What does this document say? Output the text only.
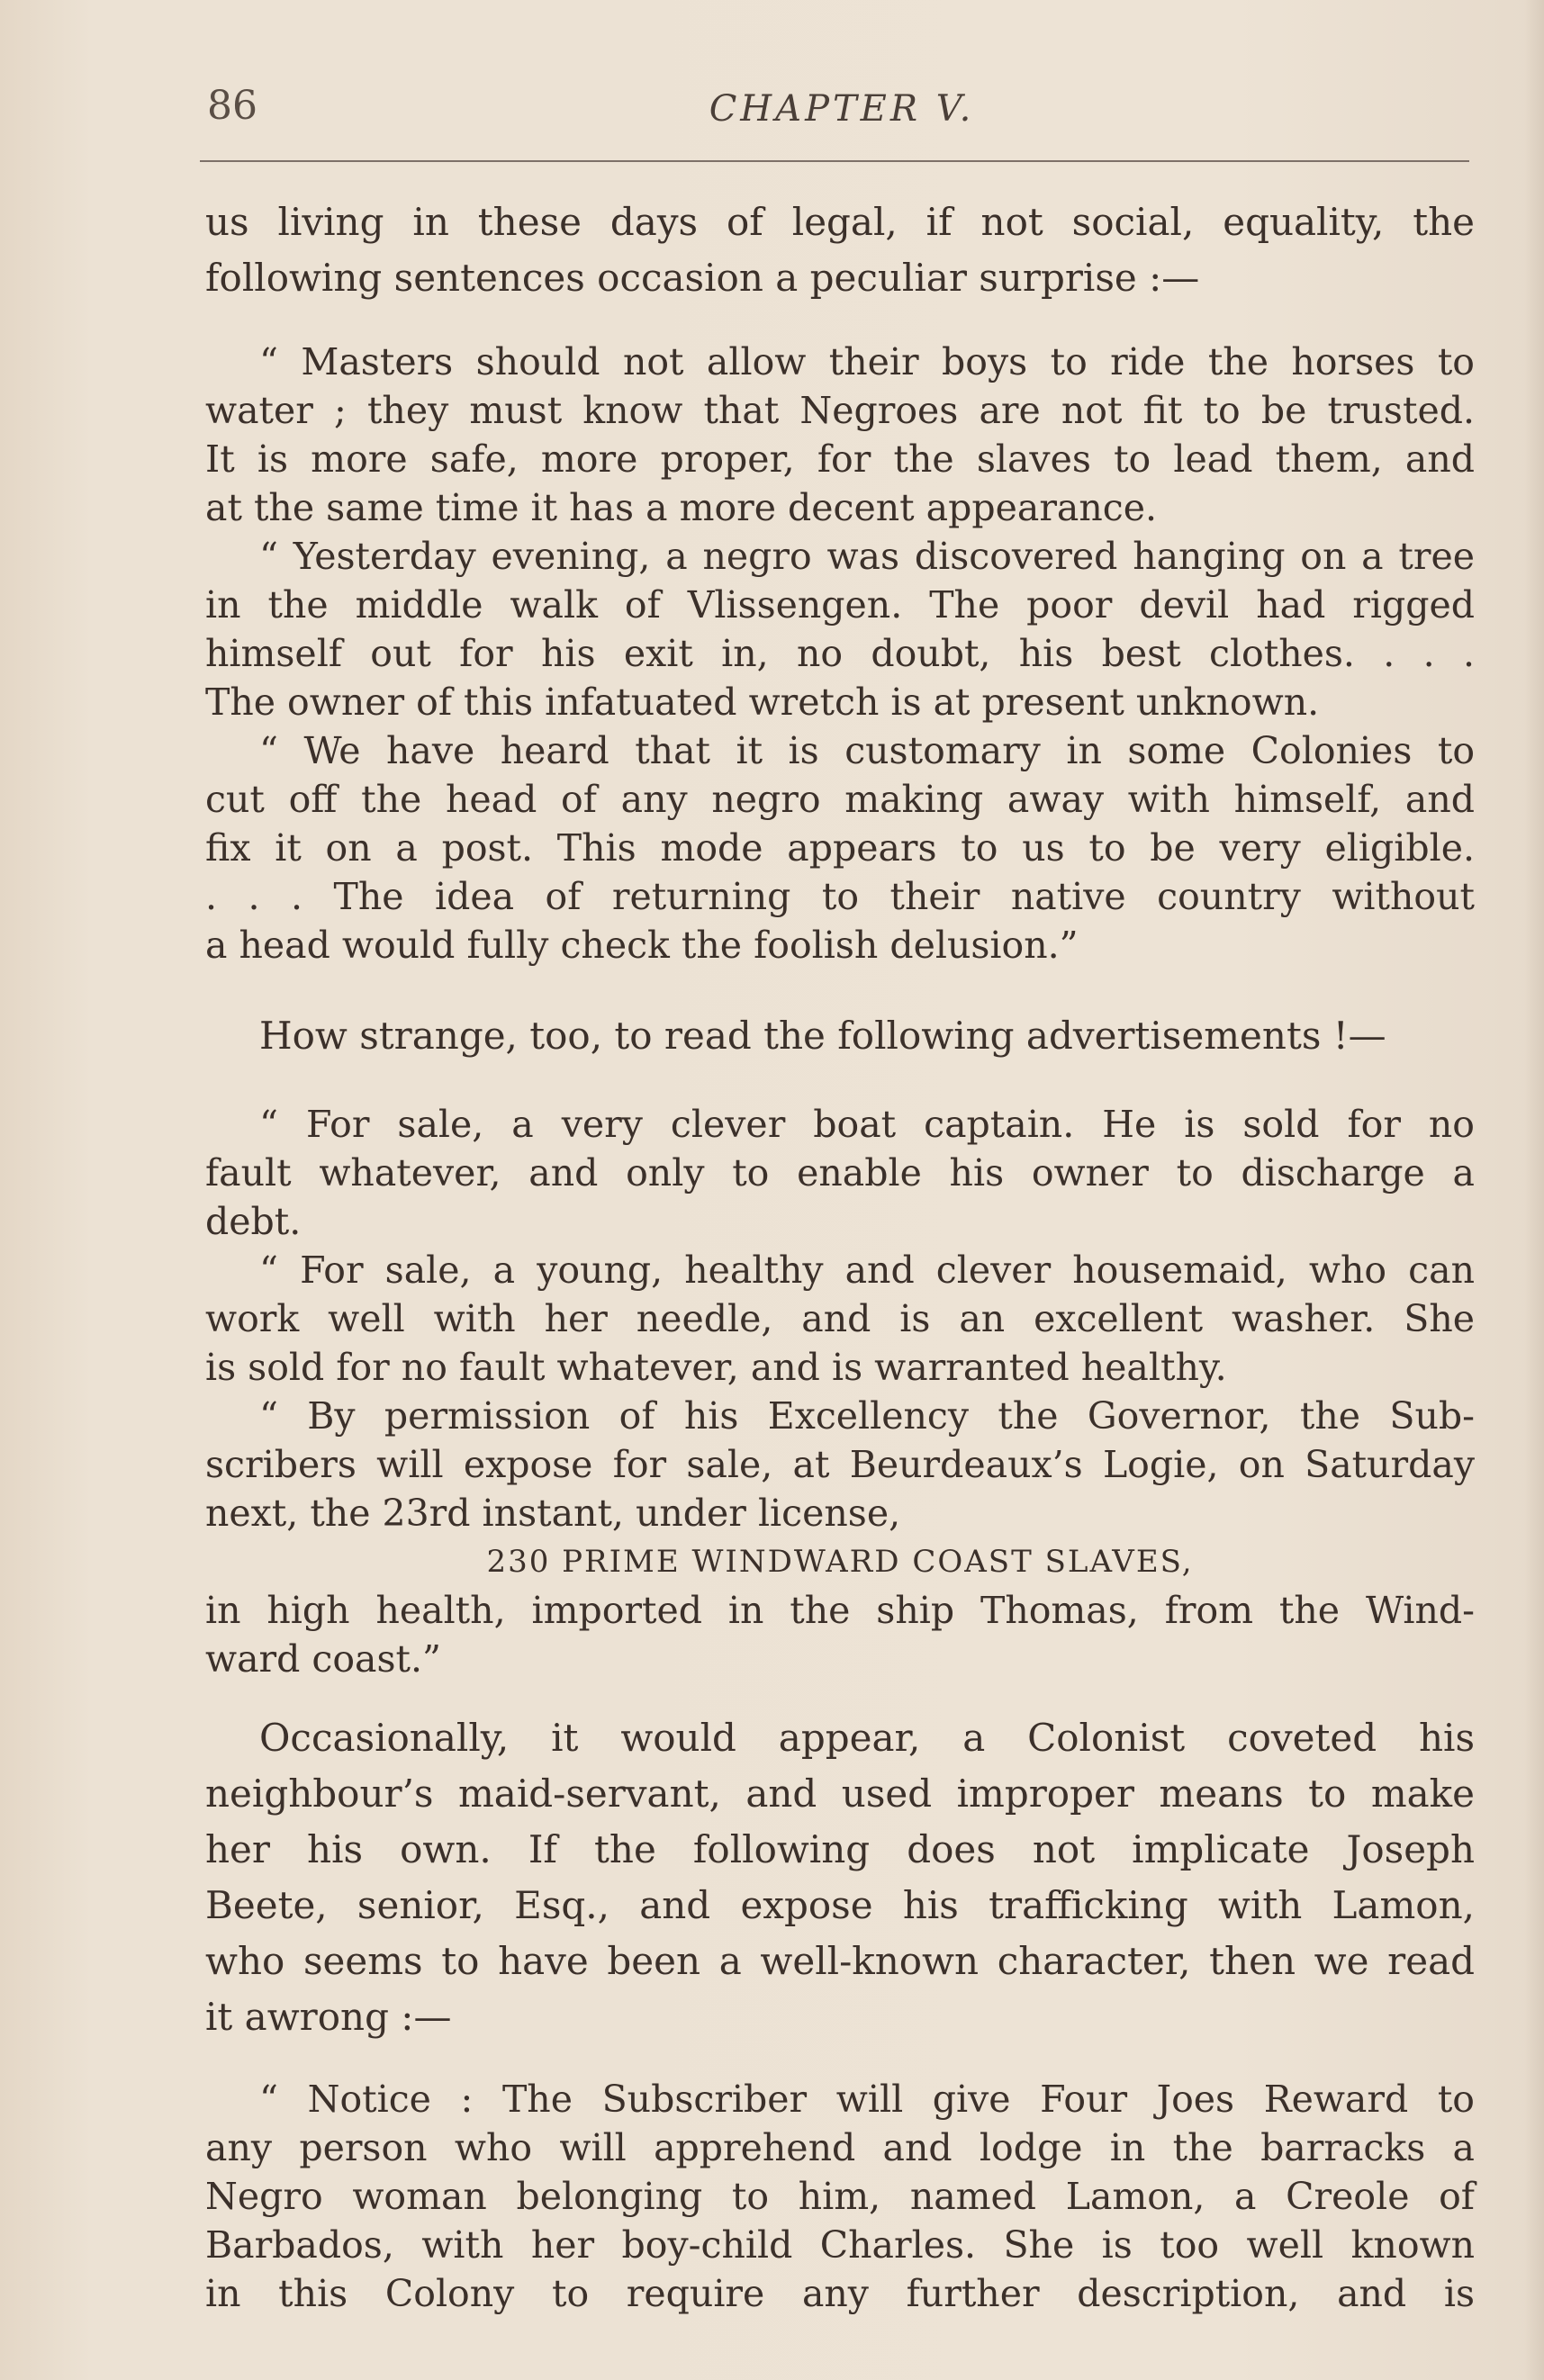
86	CHAPTER V.
us living in these days of legal, if not social, equality, the
following sentences occasion a peculiar surprise :—
“ Masters should not allow their boys to ride the horses to
water ; they must know that Negroes are not fit to be trusted.
It is more safe, more proper, for the slaves to lead them, and
at the same time it has a more decent appearance.
“ Yesterday evening, a negro was discovered hanging on a tree
in the middle walk of Vlissengen. The poor devil had rigged
himself out for his exit in, no doubt, his best clothes. . . .
The owner of this infatuated wretch is at present unknown.
“ We have heard that it is customary in some Colonies to
cut off the head of any negro making away with himself, and
fix it on a post. This mode appears to us to be very eligible.
. . . The idea of returning to their native country without
a head would fully check the foolish delusion.”
How strange, too, to read the following advertisements !—
“ For sale, a very clever boat captain. He is sold for no
fault whatever, and only to enable his owner to discharge a
debt.
“ For sale, a young, healthy and clever housemaid, who can
work well with her needle, and is an excellent washer. She
is sold for no fault whatever, and is warranted healthy.
“ By permission of his Excellency the Governor, the Sub-
scribers will expose for sale, at Beurdeaux’s Logie, on Saturday
next, the 23rd instant, under license,
230 PRIME WINDWARD COAST SLAVES,
in high health, imported in the ship Thomas, from the Wind-
ward coast.”
Occasionally, it would appear, a Colonist coveted his
neighbour’s maid-servant, and used improper means to make
her his own. If the following does not implicate Joseph
Beete, senior, Esq., and expose his trafficking with Lamon,
who seems to have been a well-known character, then we read
it awrong :—
“ Notice : The Subscriber will give Four Joes Reward to
any person who will apprehend and lodge in the barracks a
Negro woman belonging to him, named Lamon, a Creole of
Barbados, with her boy-child Charles. She is too well known
in this Colony to require any further description, and is
